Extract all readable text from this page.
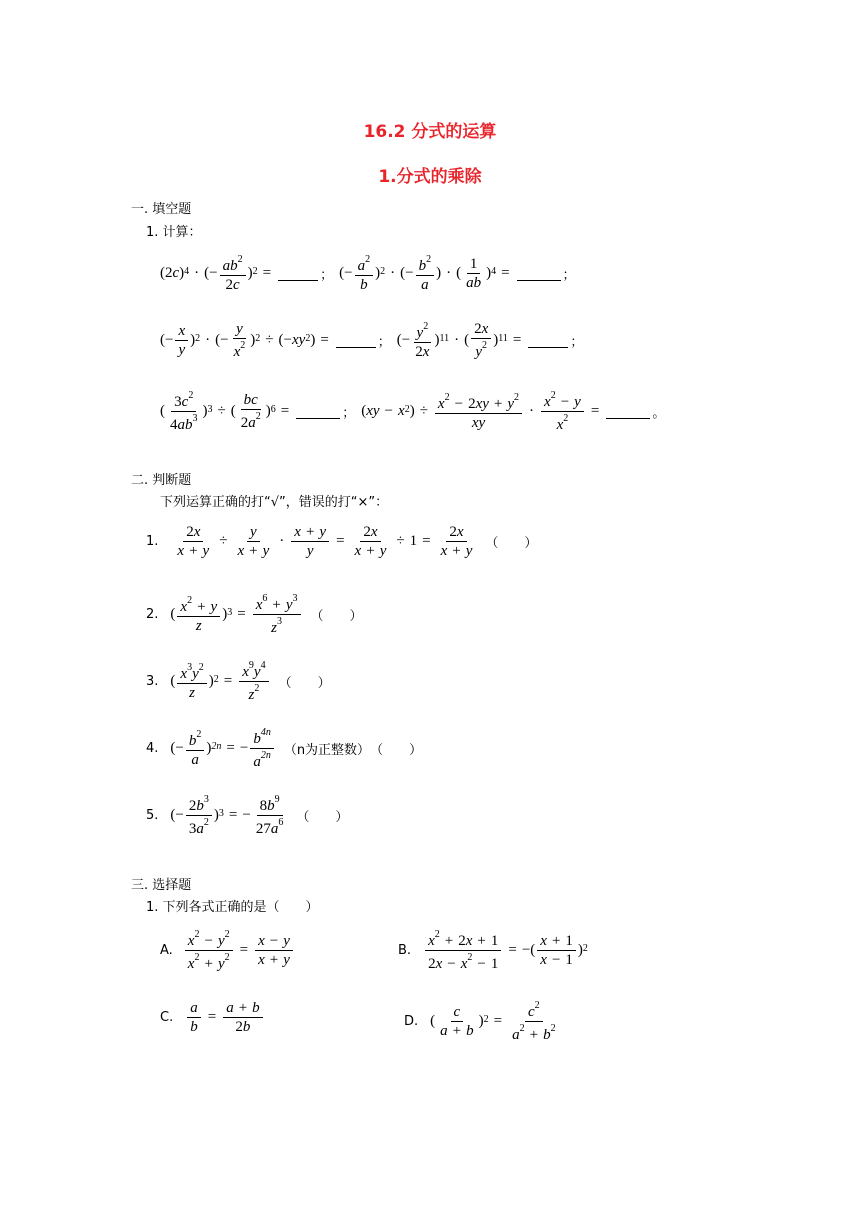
16.2 分式的运算
1.分式的乘除
一. 填空题
1. 计算：
(2 c )$^4$ · (− $\frac{ab^2}{2c} )^2$ =	； (− $\frac{a^2}{b} )^2$ · (− $\frac{b^2}{a}$ ) · ( $\frac{1}{ab} )^4$ =	；
(− $\frac{x}{y} )^2$ · (− $\frac{y}{x^2} )^2$ ÷ (− $xy^2$ ) =	； (− $\frac{y^2}{2x} )^{11}$ · ( $\frac{2x}{y^2} )^{11}$ =	；
( $\frac{3c^2}{4ab^3} )^3$ ÷ ( $\frac{bc}{2a^2} )^6$ =	； ( xy − $x^2$ ) ÷ $\frac{x^2 - 2xy + y^2}{xy} \cdot \frac{x^2 - y}{x^2}$ =	。
二. 判断题
下列运算正确的打“√”，错误的打“×”：
1. $\frac{2x}{x + y} \div \frac{y}{x + y} \cdot \frac{x + y}{y} = \frac{2x}{x + y} \div 1 = \frac{2x}{x + y}$ （　　）
2. ( $\frac{x^2 + y}{z} )^3 = \frac{x^6 + y^3}{z^3}$ （　　）
3. ( $\frac{x^3y^2}{z} )^2 = \frac{x^9y^4}{z^2}$ （　　）
4. (− $\frac{b^2}{a} )^{2n}$ = − $\frac{b^{4n}}{a^{2n}} (n$为正整数） （　　）
5. (− $\frac{2b^3}{3a^2} )^3$ = − $\frac{8b^9}{27a^6}$ （　　）
三. 选择题
1. 下列各式正确的是（　　）
A. $\frac{x^2 - y^2}{x^2 + y^2} = \frac{x - y}{x + y}$	B. $\frac{x^2 + 2x + 1}{2x - x^2 - 1}$ = −( $\frac{x + 1}{x - 1} )^2$
C. $\frac{a}{b} = \frac{a + b}{2b}$	D. ( $\frac{c}{a + b} )^2 = \frac{c^2}{a^2 + b^2}$
